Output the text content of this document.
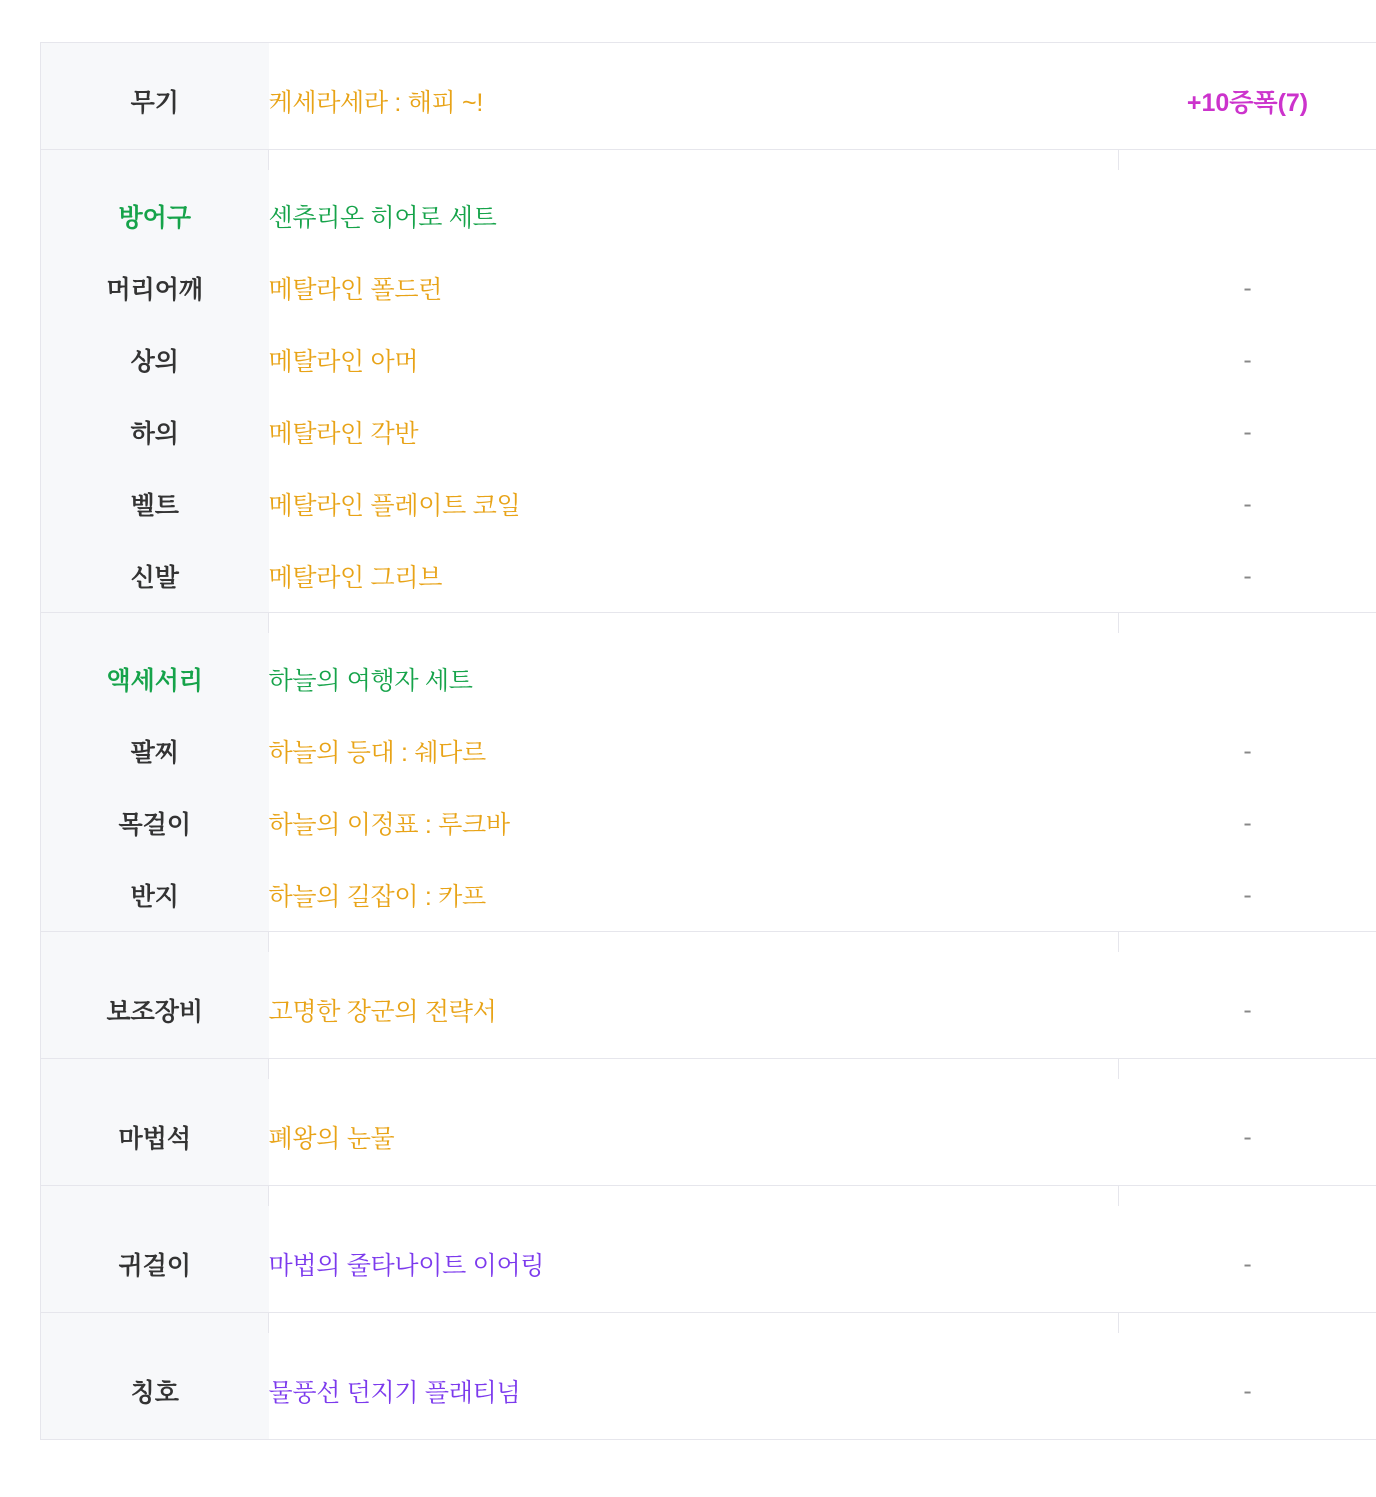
무기	케세라세라 : 해피 ~!	+10증폭(7)

방어구	센츄리온 히어로 세트	
머리어깨	메탈라인 폴드런	-
상의	메탈라인 아머	-
하의	메탈라인 각반	-
벨트	메탈라인 플레이트 코일	-
신발	메탈라인 그리브	-

액세서리	하늘의 여행자 세트	
팔찌	하늘의 등대 : 쉐다르	-
목걸이	하늘의 이정표 : 루크바	-
반지	하늘의 길잡이 : 카프	-

보조장비	고명한 장군의 전략서	-

마법석	폐왕의 눈물	-

귀걸이	마법의 줄타나이트 이어링	-

칭호	물풍선 던지기 플래티넘	-
